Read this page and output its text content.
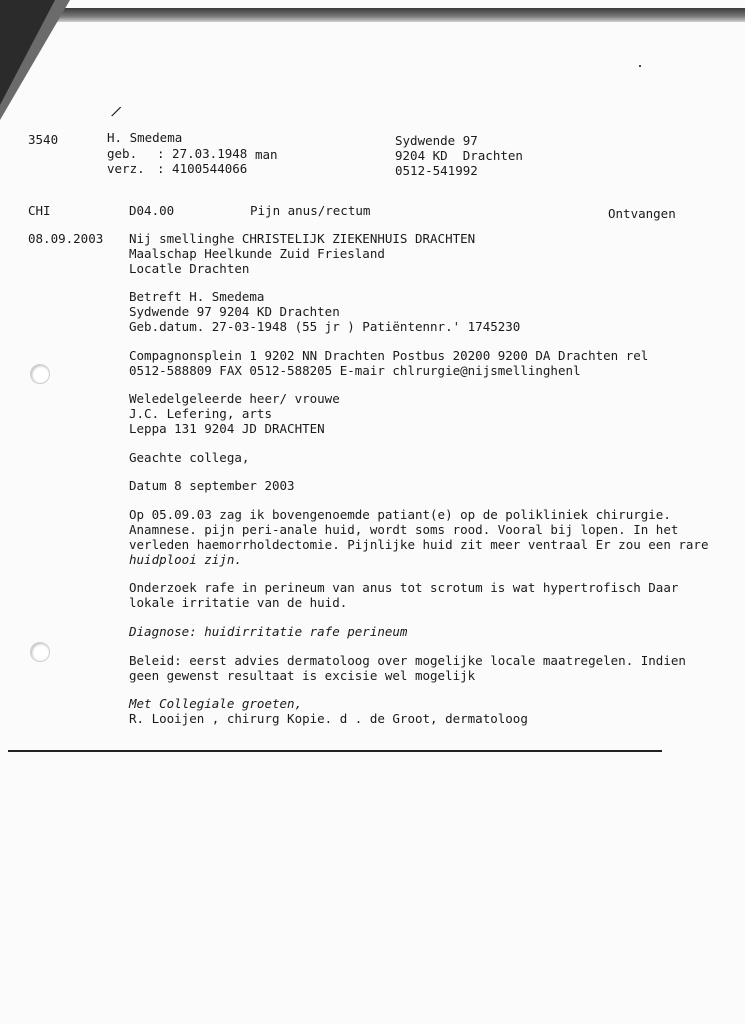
/
3540	H. Smedema
geb. : 27.03.1948 man
verz. : 4100544066
Sydwende 97
9204 KD  Drachten
0512-541992
CHI	D04.00	Pijn anus/rectum	Ontvangen
08.09.2003 Nij smellinghe CHRISTELIJK ZIEKENHUIS DRACHTEN
Maalschap Heelkunde Zuid Friesland
Locatle Drachten
Betreft H. Smedema
Sydwende 97 9204 KD Drachten
Geb.datum. 27-03-1948 (55 jr ) Patiëntennr.' 1745230
Compagnonsplein 1 9202 NN Drachten Postbus 20200 9200 DA Drachten rel
0512-588809 FAX 0512-588205 E-mair chlrurgie@nijsmellinghenl
Weledelgeleerde heer/ vrouwe
J.C. Lefering, arts
Leppa 131 9204 JD DRACHTEN
Geachte collega,
Datum 8 september 2003
Op 05.09.03 zag ik bovengenoemde patiant(e) op de polikliniek chirurgie.
Anamnese. pijn peri-anale huid, wordt soms rood. Vooral bij lopen. In het
verleden haemorrholdectomie. Pijnlijke huid zit meer ventraal Er zou een rare
huidplooi zijn.
Onderzoek rafe in perineum van anus tot scrotum is wat hypertrofisch Daar
lokale irritatie van de huid.
Diagnose: huidirritatie rafe perineum
Beleid: eerst advies dermatoloog over mogelijke locale maatregelen. Indien
geen gewenst resultaat is excisie wel mogelijk
Met Collegiale groeten,
R. Looijen , chirurg Kopie. d . de Groot, dermatoloog
